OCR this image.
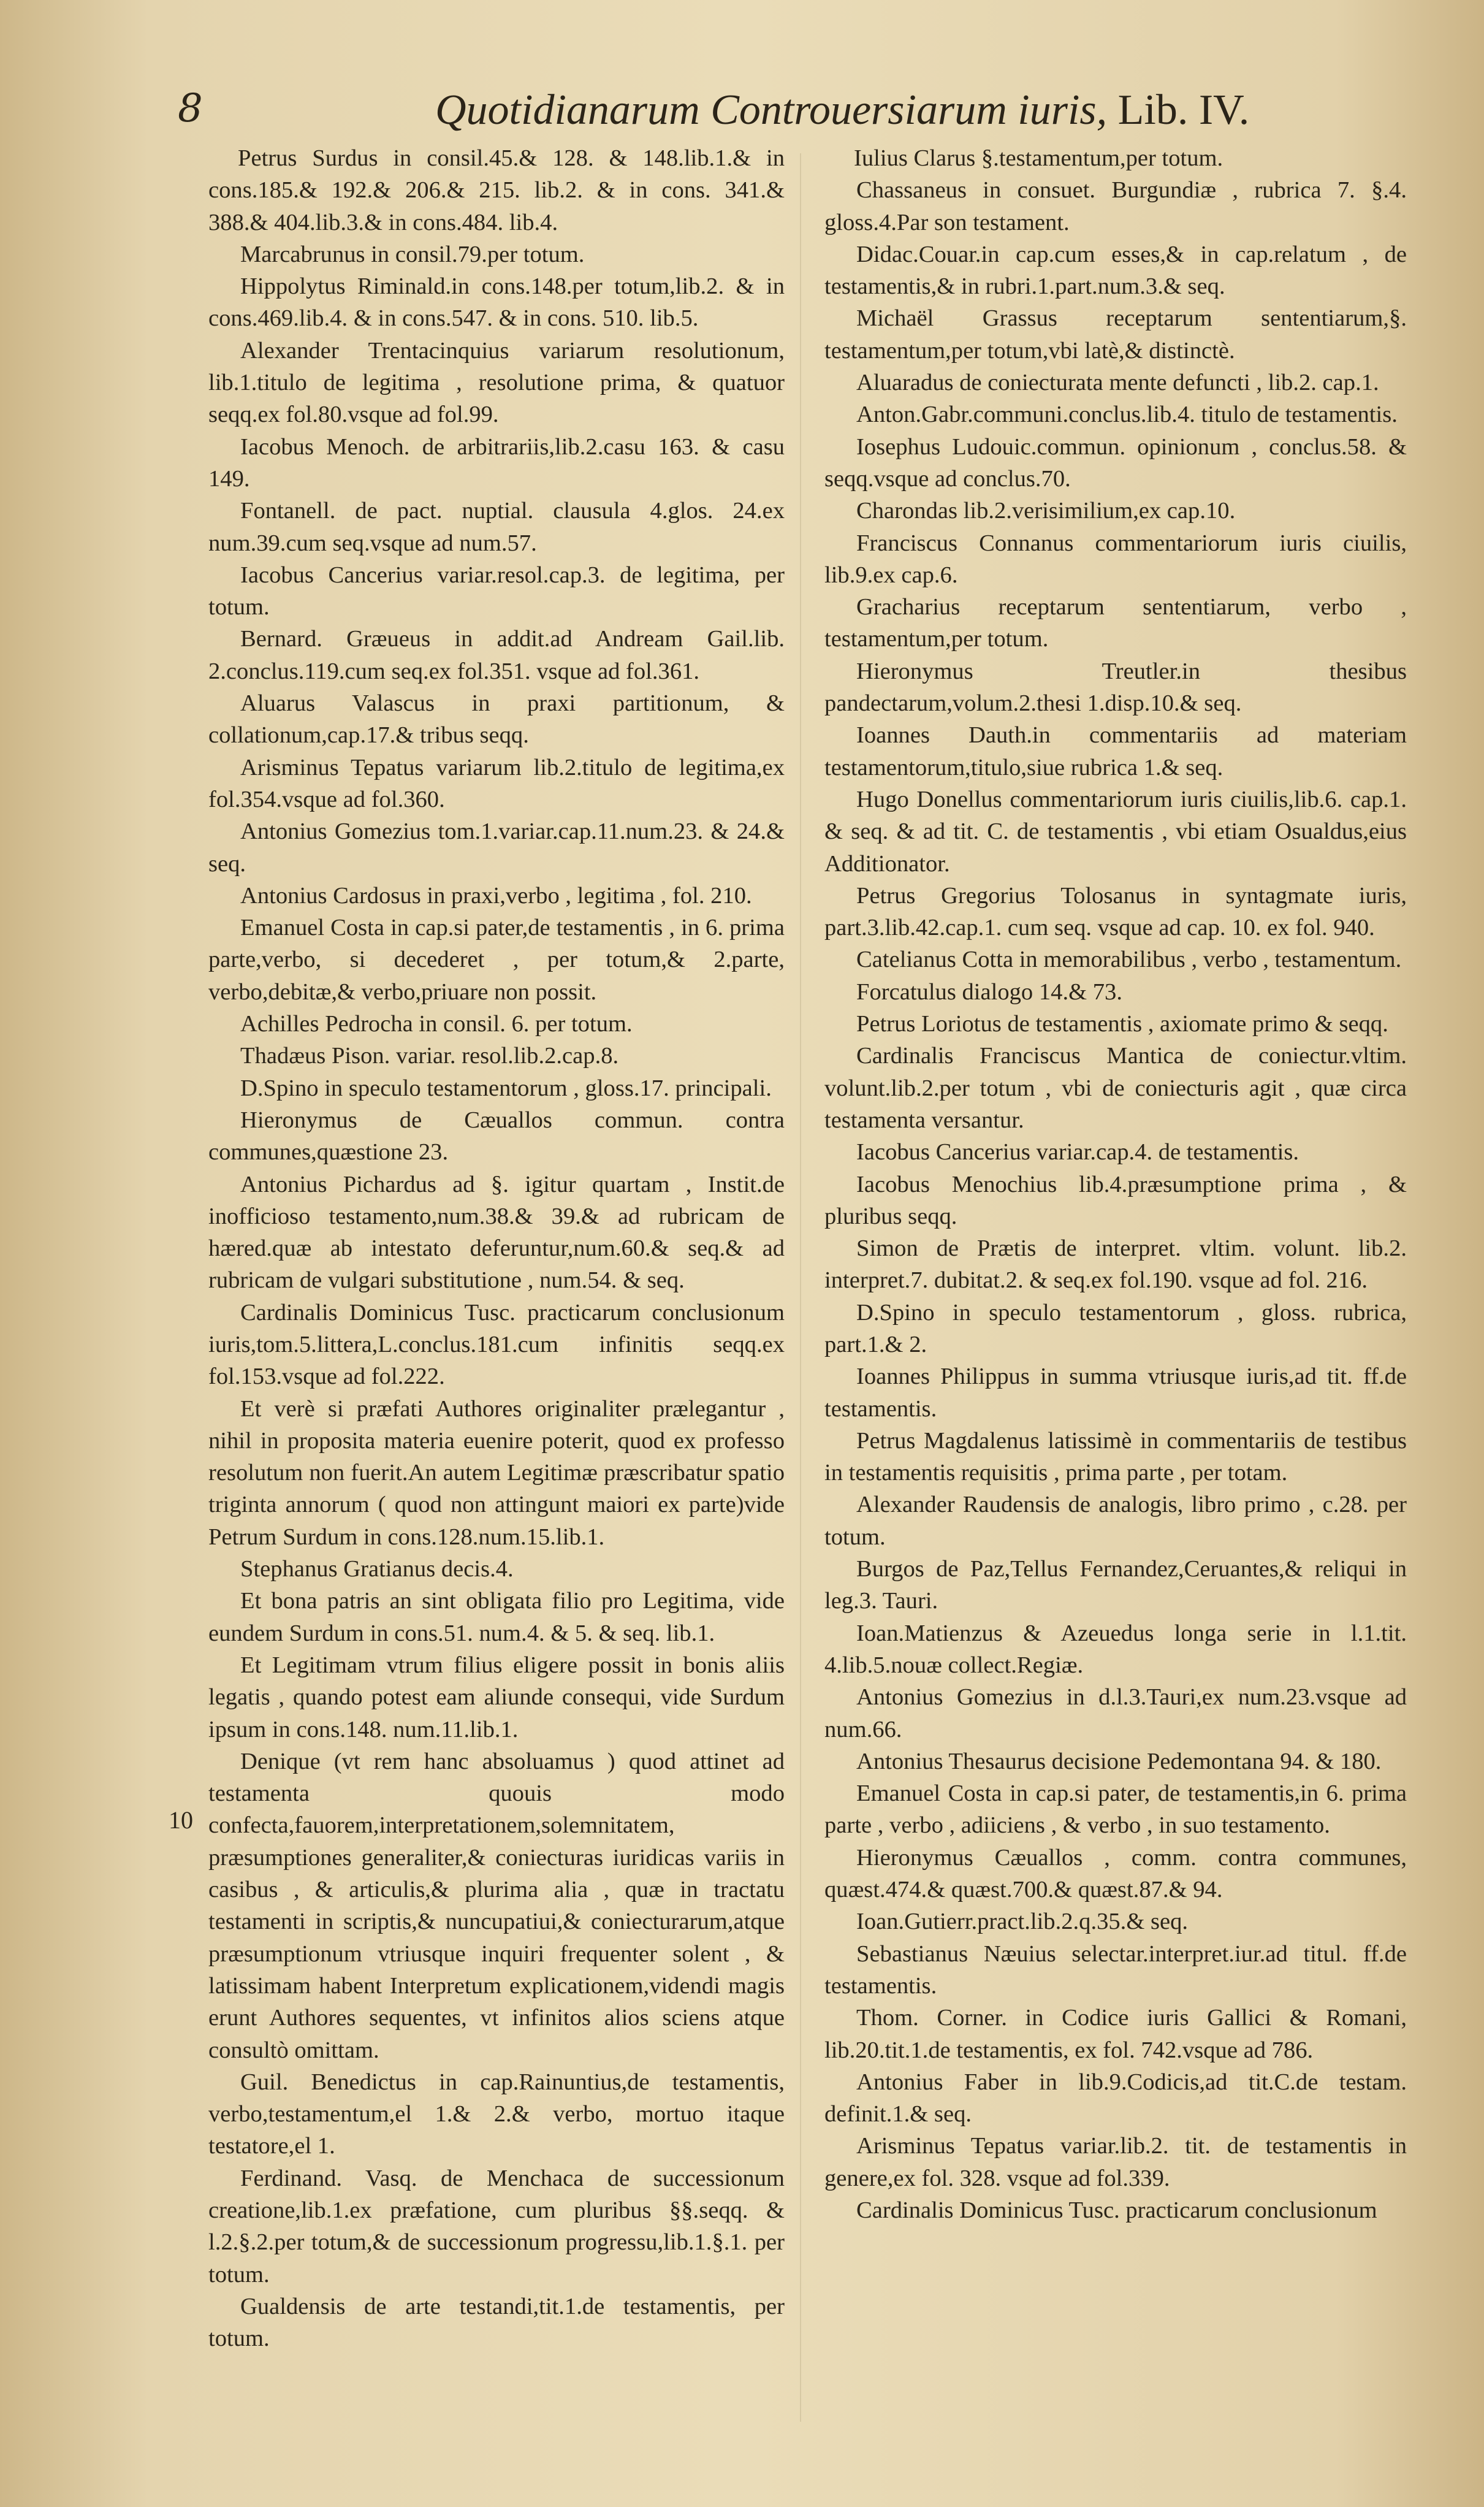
8	Quotidianarum Controuersiarum iuris, Lib. IV.

Petrus Surdus in consil.45.& 128. & 148.lib.1.& in cons.185.& 192.& 206.& 215. lib.2. & in cons. 341.& 388.& 404.lib.3.& in cons.484. lib.4.

Marcabrunus in consil.79.per totum.

Hippolytus Riminald.in cons.148.per totum,lib.2. & in cons.469.lib.4. & in cons.547. & in cons. 510. lib.5.

Alexander Trentacinquius variarum resolutionum, lib.1.titulo de legitima , resolutione prima, & quatuor seqq.ex fol.80.vsque ad fol.99.

Iacobus Menoch. de arbitrariis,lib.2.casu 163. & casu 149.

Fontanell. de pact. nuptial. clausula 4.glos. 24.ex num.39.cum seq.vsque ad num.57.

Iacobus Cancerius variar.resol.cap.3. de legitima, per totum.

Bernard. Græueus in addit.ad Andream Gail.lib. 2.conclus.119.cum seq.ex fol.351. vsque ad fol.361.

Aluarus Valascus in praxi partitionum, & collationum,cap.17.& tribus seqq.

Arisminus Tepatus variarum lib.2.titulo de legitima,ex fol.354.vsque ad fol.360.

Antonius Gomezius tom.1.variar.cap.11.num.23. & 24.& seq.

Antonius Cardosus in praxi,verbo , legitima , fol. 210.

Emanuel Costa in cap.si pater,de testamentis , in 6. prima parte,verbo, si decederet , per totum,& 2.parte, verbo,debitæ,& verbo,priuare non possit.

Achilles Pedrocha in consil. 6. per totum.

Thadæus Pison. variar. resol.lib.2.cap.8.

D.Spino in speculo testamentorum , gloss.17. principali.

Hieronymus de Cæuallos commun. contra communes,quæstione 23.

Antonius Pichardus ad §. igitur quartam , Instit.de inofficioso testamento,num.38.& 39.& ad rubricam de hæred.quæ ab intestato deferuntur,num.60.& seq.& ad rubricam de vulgari substitutione , num.54. & seq.

Cardinalis Dominicus Tusc. practicarum conclusionum iuris,tom.5.littera,L.conclus.181.cum infinitis seqq.ex fol.153.vsque ad fol.222.

Et verè si præfati Authores originaliter prælegantur , nihil in proposita materia euenire poterit, quod ex professo resolutum non fuerit.An autem Legitimæ præscribatur spatio triginta annorum ( quod non attingunt maiori ex parte)vide Petrum Surdum in cons.128.num.15.lib.1.

Stephanus Gratianus decis.4.

Et bona patris an sint obligata filio pro Legitima, vide eundem Surdum in cons.51. num.4. & 5. & seq. lib.1.

Et Legitimam vtrum filius eligere possit in bonis aliis legatis , quando potest eam aliunde consequi, vide Surdum ipsum in cons.148. num.11.lib.1.

Denique (vt rem hanc absoluamus ) quod attinet ad testamenta quouis modo confecta,fauorem,interpretationem,solemnitatem, præsumptiones generaliter,& coniecturas iuridicas variis in casibus , & articulis,& plurima alia , quæ in tractatu testamenti in scriptis,& nuncupatiui,& coniecturarum,atque præsumptionum vtriusque inquiri frequenter solent , & latissimam habent Interpretum explicationem,videndi magis erunt Authores sequentes, vt infinitos alios sciens atque consultò omittam.

Guil. Benedictus in cap.Rainuntius,de testamentis, verbo,testamentum,el 1.& 2.& verbo, mortuo itaque testatore,el 1.

Ferdinand. Vasq. de Menchaca de successionum creatione,lib.1.ex præfatione, cum pluribus §§.seqq. & l.2.§.2.per totum,& de successionum progressu,lib.1.§.1. per totum.

Gualdensis de arte testandi,tit.1.de testamentis, per totum.

Iulius Clarus §.testamentum,per totum.

Chassaneus in consuet. Burgundiæ , rubrica 7. §.4. gloss.4.Par son testament.

Didac.Couar.in cap.cum esses,& in cap.relatum , de testamentis,& in rubri.1.part.num.3.& seq.

Michaël Grassus receptarum sententiarum,§. testamentum,per totum,vbi latè,& distinctè.

Aluaradus de coniecturata mente defuncti , lib.2. cap.1.

Anton.Gabr.communi.conclus.lib.4. titulo de testamentis.

Iosephus Ludouic.commun. opinionum , conclus.58. & seqq.vsque ad conclus.70.

Charondas lib.2.verisimilium,ex cap.10.

Franciscus Connanus commentariorum iuris ciuilis, lib.9.ex cap.6.

Gracharius receptarum sententiarum, verbo , testamentum,per totum.

Hieronymus Treutler.in thesibus pandectarum,volum.2.thesi 1.disp.10.& seq.

Ioannes Dauth.in commentariis ad materiam testamentorum,titulo,siue rubrica 1.& seq.

Hugo Donellus commentariorum iuris ciuilis,lib.6. cap.1. & seq. & ad tit. C. de testamentis , vbi etiam Osualdus,eius Additionator.

Petrus Gregorius Tolosanus in syntagmate iuris, part.3.lib.42.cap.1. cum seq. vsque ad cap. 10. ex fol. 940.

Catelianus Cotta in memorabilibus , verbo , testamentum.

Forcatulus dialogo 14.& 73.

Petrus Loriotus de testamentis , axiomate primo & seqq.

Cardinalis Franciscus Mantica de coniectur.vltim. volunt.lib.2.per totum , vbi de coniecturis agit , quæ circa testamenta versantur.

Iacobus Cancerius variar.cap.4. de testamentis.

Iacobus Menochius lib.4.præsumptione prima , & pluribus seqq.

Simon de Prætis de interpret. vltim. volunt. lib.2. interpret.7. dubitat.2. & seq.ex fol.190. vsque ad fol. 216.

D.Spino in speculo testamentorum , gloss. rubrica, part.1.& 2.

Ioannes Philippus in summa vtriusque iuris,ad tit. ff.de testamentis.

Petrus Magdalenus latissimè in commentariis de testibus in testamentis requisitis , prima parte , per totam.

Alexander Raudensis de analogis, libro primo , c.28. per totum.

Burgos de Paz,Tellus Fernandez,Ceruantes,& reliqui in leg.3. Tauri.

Ioan.Matienzus & Azeuedus longa serie in l.1.tit. 4.lib.5.nouæ collect.Regiæ.

Antonius Gomezius in d.l.3.Tauri,ex num.23.vsque ad num.66.

Antonius Thesaurus decisione Pedemontana 94. & 180.

Emanuel Costa in cap.si pater, de testamentis,in 6. prima parte , verbo , adiiciens , & verbo , in suo testamento.

Hieronymus Cæuallos , comm. contra communes, quæst.474.& quæst.700.& quæst.87.& 94.

Ioan.Gutierr.pract.lib.2.q.35.& seq.

Sebastianus Næuius selectar.interpret.iur.ad titul. ff.de testamentis.

Thom. Corner. in Codice iuris Gallici & Romani, lib.20.tit.1.de testamentis, ex fol. 742.vsque ad 786.

Antonius Faber in lib.9.Codicis,ad tit.C.de testam. definit.1.& seq.

Arisminus Tepatus variar.lib.2. tit. de testamentis in genere,ex fol. 328. vsque ad fol.339.

Cardinalis Dominicus Tusc. practicarum conclusionum

10
